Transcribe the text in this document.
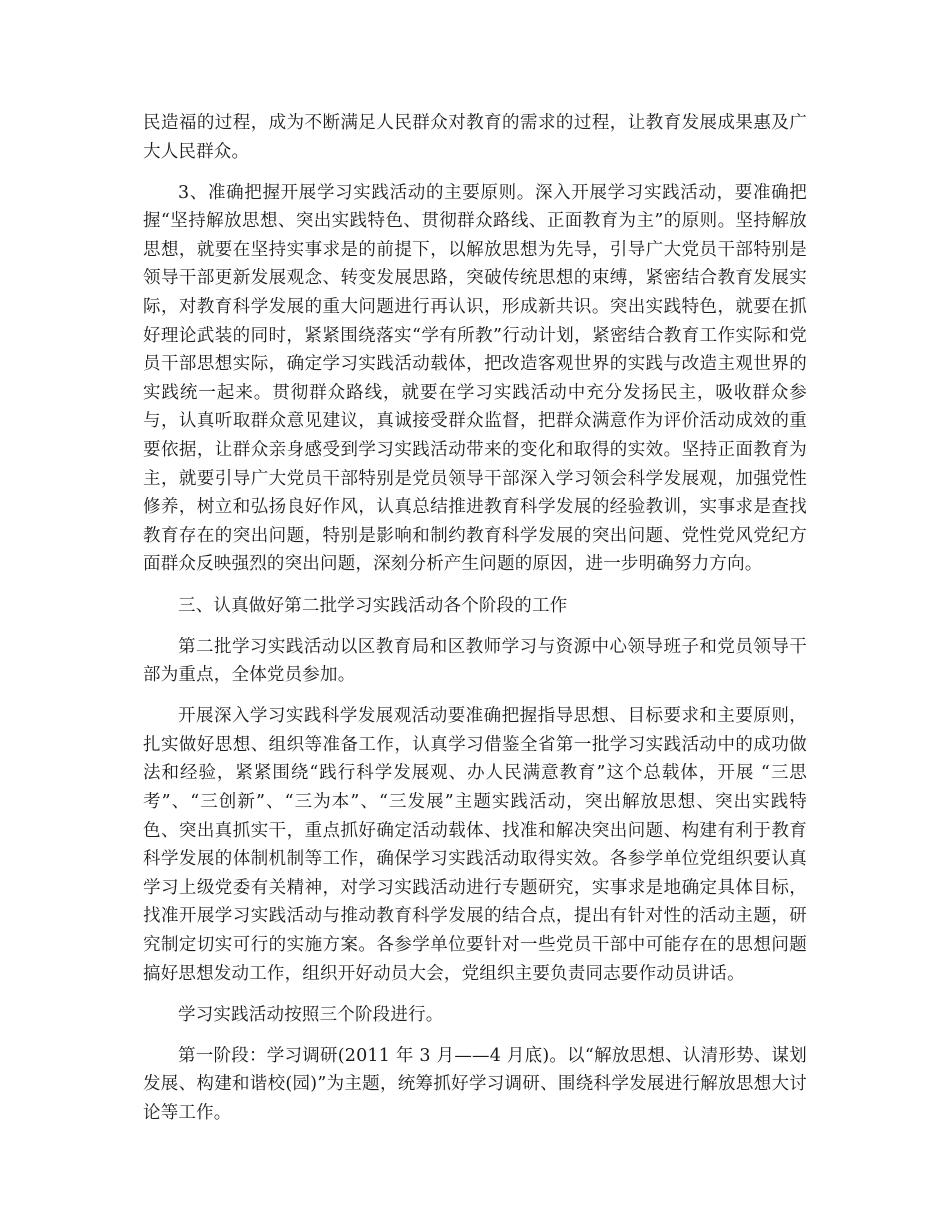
民造福的过程，成为不断满足人民群众对教育的需求的过程，让教育发展成果惠及广大人民群众。

3、准确把握开展学习实践活动的主要原则。深入开展学习实践活动，要准确把握“坚持解放思想、突出实践特色、贯彻群众路线、正面教育为主”的原则。坚持解放思想，就要在坚持实事求是的前提下，以解放思想为先导，引导广大党员干部特别是领导干部更新发展观念、转变发展思路，突破传统思想的束缚，紧密结合教育发展实际，对教育科学发展的重大问题进行再认识，形成新共识。突出实践特色，就要在抓好理论武装的同时，紧紧围绕落实“学有所教”行动计划，紧密结合教育工作实际和党员干部思想实际，确定学习实践活动载体，把改造客观世界的实践与改造主观世界的实践统一起来。贯彻群众路线，就要在学习实践活动中充分发扬民主，吸收群众参与，认真听取群众意见建议，真诚接受群众监督，把群众满意作为评价活动成效的重要依据，让群众亲身感受到学习实践活动带来的变化和取得的实效。坚持正面教育为主，就要引导广大党员干部特别是党员领导干部深入学习领会科学发展观，加强党性修养，树立和弘扬良好作风，认真总结推进教育科学发展的经验教训，实事求是查找教育存在的突出问题，特别是影响和制约教育科学发展的突出问题、党性党风党纪方面群众反映强烈的突出问题，深刻分析产生问题的原因，进一步明确努力方向。

三、认真做好第二批学习实践活动各个阶段的工作

第二批学习实践活动以区教育局和区教师学习与资源中心领导班子和党员领导干部为重点，全体党员参加。

开展深入学习实践科学发展观活动要准确把握指导思想、目标要求和主要原则，扎实做好思想、组织等准备工作，认真学习借鉴全省第一批学习实践活动中的成功做法和经验，紧紧围绕“践行科学发展观、办人民满意教育”这个总载体，开展 “三思考”、“三创新”、“三为本”、“三发展”主题实践活动，突出解放思想、突出实践特色、突出真抓实干，重点抓好确定活动载体、找准和解决突出问题、构建有利于教育科学发展的体制机制等工作，确保学习实践活动取得实效。各参学单位党组织要认真学习上级党委有关精神，对学习实践活动进行专题研究，实事求是地确定具体目标，找准开展学习实践活动与推动教育科学发展的结合点，提出有针对性的活动主题，研究制定切实可行的实施方案。各参学单位要针对一些党员干部中可能存在的思想问题搞好思想发动工作，组织开好动员大会，党组织主要负责同志要作动员讲话。

学习实践活动按照三个阶段进行。

第一阶段：学习调研(2011 年 3 月——4 月底)。以“解放思想、认清形势、谋划发展、构建和谐校(园)”为主题，统筹抓好学习调研、围绕科学发展进行解放思想大讨论等工作。
